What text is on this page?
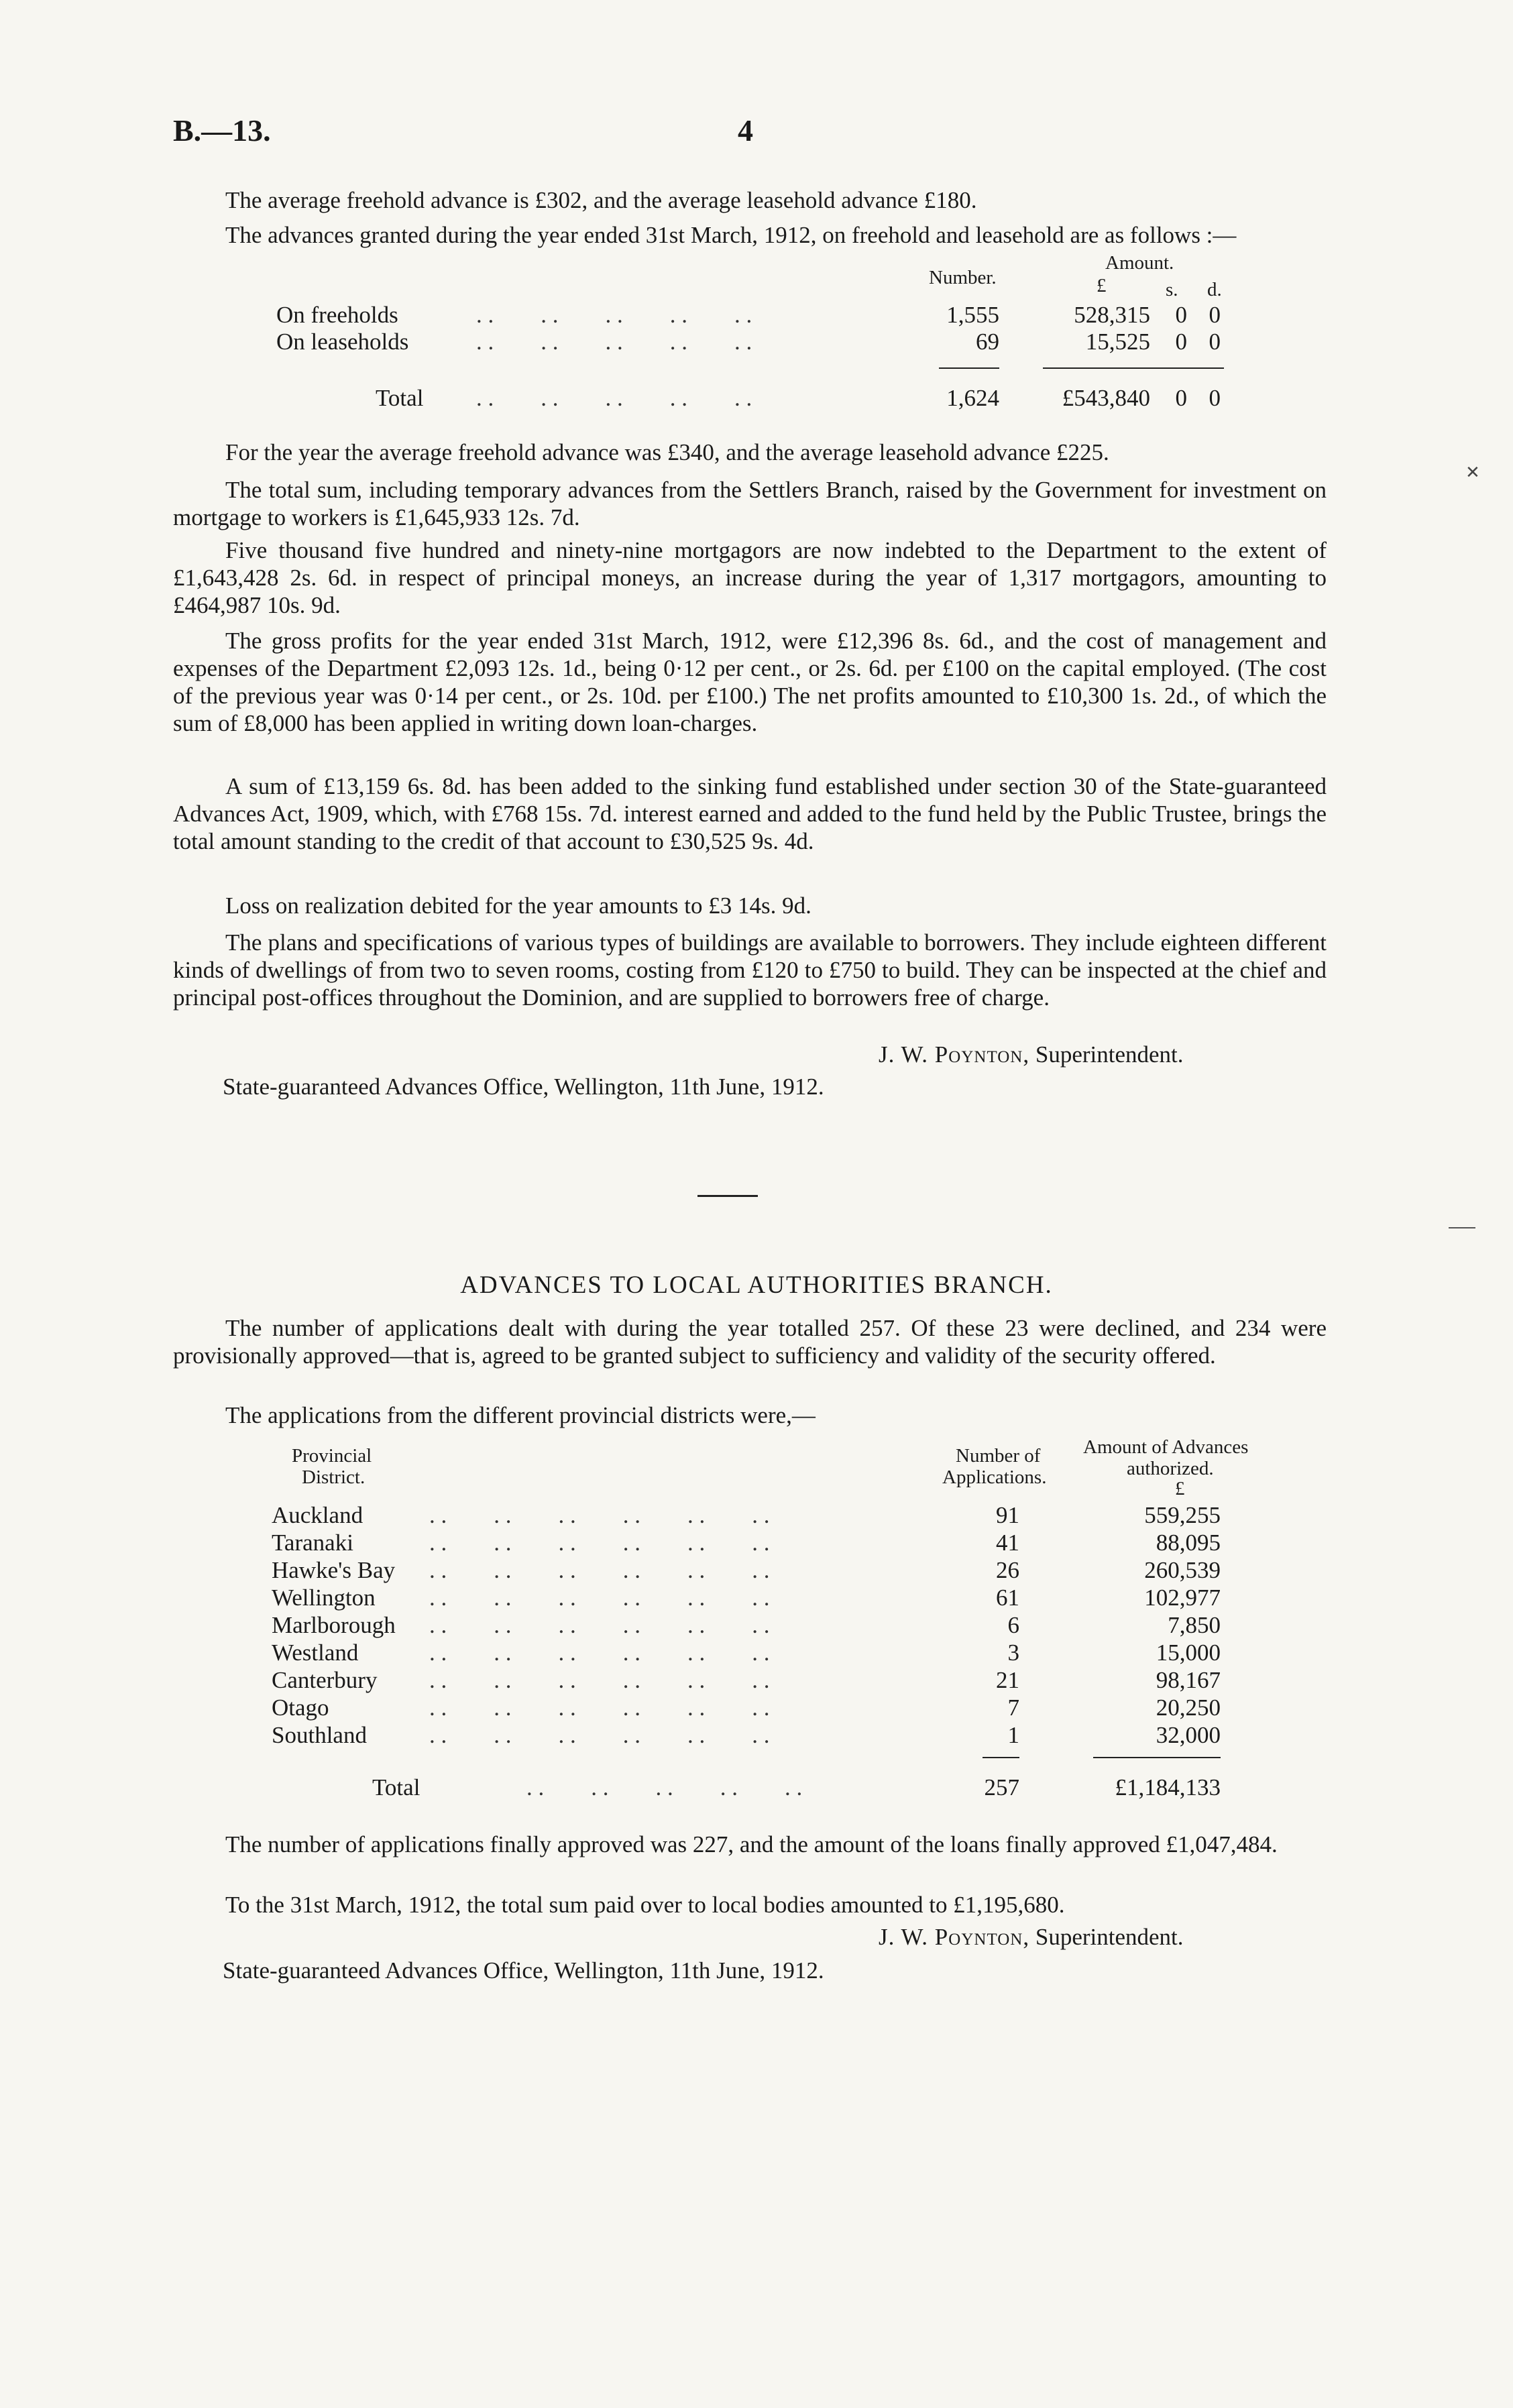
B.—13.	4
The average freehold advance is £302, and the average leasehold advance £180.
The advances granted during the year ended 31st March, 1912, on freehold and leasehold are as follows :—
Number.
Amount.
£	s. d.
On freeholds	. .        . .        . .        . .        . .	1,555	528,315	0 0
On leaseholds	. .        . .        . .        . .        . .	69	15,525	0 0
Total . .        . .        . .        . .        . .	1,624	£543,840	0 0
For the year the average freehold advance was £340, and the average leasehold advance £225.
The total sum, including temporary advances from the Settlers Branch, raised by the Government for investment on mortgage to workers is £1,645,933 12s. 7d.
Five thousand five hundred and ninety-nine mortgagors are now indebted to the Department to the extent of £1,643,428 2s. 6d. in respect of principal moneys, an increase during the year of 1,317 mortgagors, amounting to £464,987 10s. 9d.
The gross profits for the year ended 31st March, 1912, were £12,396 8s. 6d., and the cost of management and expenses of the Department £2,093 12s. 1d., being 0·12 per cent., or 2s. 6d. per £100 on the capital employed. (The cost of the previous year was 0·14 per cent., or 2s. 10d. per £100.) The net profits amounted to £10,300 1s. 2d., of which the sum of £8,000 has been applied in writing down loan-charges.
A sum of £13,159 6s. 8d. has been added to the sinking fund established under section 30 of the State-guaranteed Advances Act, 1909, which, with £768 15s. 7d. interest earned and added to the fund held by the Public Trustee, brings the total amount standing to the credit of that account to £30,525 9s. 4d.
Loss on realization debited for the year amounts to £3 14s. 9d.
The plans and specifications of various types of buildings are available to borrowers. They include eighteen different kinds of dwellings of from two to seven rooms, costing from £120 to £750 to build. They can be inspected at the chief and principal post-offices throughout the Dominion, and are supplied to borrowers free of charge.
J. W. Poynton, Superintendent.
State-guaranteed Advances Office, Wellington, 11th June, 1912.
ADVANCES TO LOCAL AUTHORITIES BRANCH.
The number of applications dealt with during the year totalled 257. Of these 23 were declined, and 234 were provisionally approved—that is, agreed to be granted subject to sufficiency and validity of the security offered.
The applications from the different provincial districts were,—
Provincial
District.
Number of
Applications.
Amount of Advances
authorized.
£
Auckland	. .        . .        . .        . .        . .        . .	91	559,255
Taranaki	. .        . .        . .        . .        . .        . .	41	88,095
Hawke's Bay . .        . .        . .        . .        . .        . .	26	260,539
Wellington . .        . .        . .        . .        . .        . .	61	102,977
Marlborough . .        . .        . .        . .        . .        . .	6	7,850
Westland	. .        . .        . .        . .        . .        . .	3	15,000
Canterbury . .        . .        . .        . .        . .        . .	21	98,167
Otago	. .        . .        . .        . .        . .        . .	7	20,250
Southland	. .        . .        . .        . .        . .        . .	1	32,000
Total	. .        . .        . .        . .        . .	257	£1,184,133
The number of applications finally approved was 227, and the amount of the loans finally approved £1,047,484.
To the 31st March, 1912, the total sum paid over to local bodies amounted to £1,195,680.
J. W. Poynton, Superintendent.
State-guaranteed Advances Office, Wellington, 11th June, 1912.
✕
